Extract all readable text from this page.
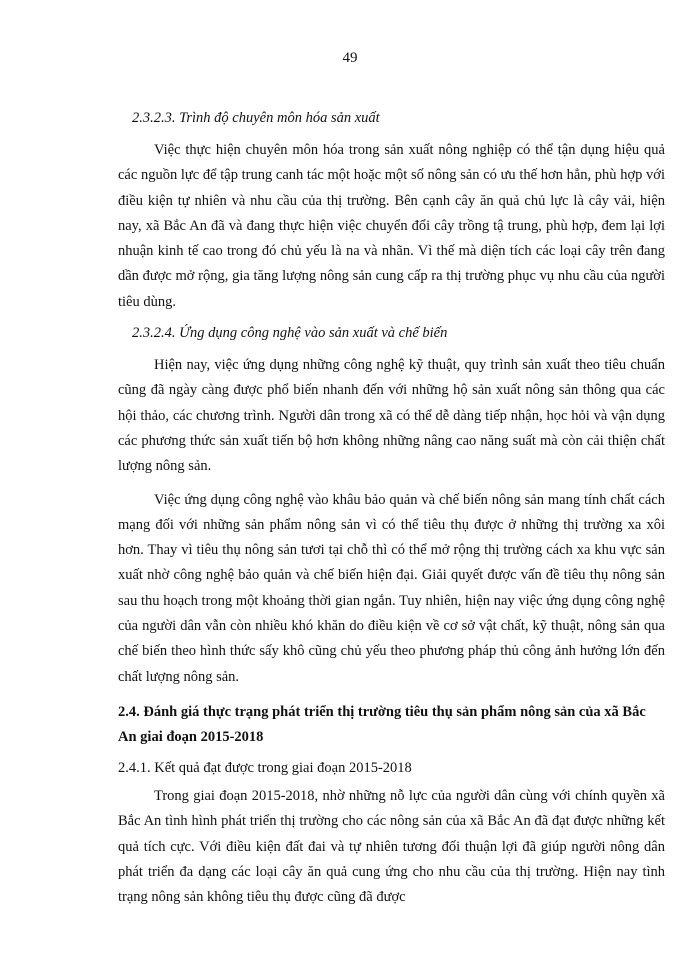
49
2.3.2.3. Trình độ chuyên môn hóa sản xuất

Việc thực hiện chuyên môn hóa trong sản xuất nông nghiệp có thể tận dụng hiệu quả các nguồn lực để tập trung canh tác một hoặc một số nông sản có ưu thế hơn hẳn, phù hợp với điều kiện tự nhiên và nhu cầu của thị trường. Bên cạnh cây ăn quả chủ lực là cây vải, hiện nay, xã Bắc An đã và đang thực hiện việc chuyển đổi cây trồng tậ trung, phù hợp, đem lại lợi nhuận kinh tế cao trong đó chủ yếu là na và nhãn. Vì thế mà diện tích các loại cây trên đang dần được mở rộng, gia tăng lượng nông sản cung cấp ra thị trường phục vụ nhu cầu của người tiêu dùng.

2.3.2.4. Ứng dụng công nghệ vào sản xuất và chế biến

Hiện nay, việc ứng dụng những công nghệ kỹ thuật, quy trình sản xuất theo tiêu chuẩn cũng đã ngày càng được phổ biến nhanh đến với những hộ sản xuất nông sản thông qua các hội thảo, các chương trình. Người dân trong xã có thể dễ dàng tiếp nhận, học hỏi và vận dụng các phương thức sản xuất tiến bộ hơn không những nâng cao năng suất mà còn cải thiện chất lượng nông sản.

Việc ứng dụng công nghệ vào khâu bảo quản và chế biến nông sản mang tính chất cách mạng đối với những sản phẩm nông sản vì có thể tiêu thụ được ở những thị trường xa xôi hơn. Thay vì tiêu thụ nông sản tươi tại chỗ thì có thể mở rộng thị trường cách xa khu vực sản xuất nhờ công nghệ bảo quản và chế biến hiện đại. Giải quyết được vấn đề tiêu thụ nông sản sau thu hoạch trong một khoảng thời gian ngắn. Tuy nhiên, hiện nay việc ứng dụng công nghệ của người dân vẫn còn nhiều khó khăn do điều kiện về cơ sở vật chất, kỹ thuật, nông sản qua chế biến theo hình thức sấy khô cũng chủ yếu theo phương pháp thủ công ảnh hưởng lớn đến chất lượng nông sản.

2.4. Đánh giá thực trạng phát triển thị trường tiêu thụ sản phẩm nông sản của xã Bắc An giai đoạn 2015-2018
2.4.1. Kết quả đạt được trong giai đoạn 2015-2018

Trong giai đoạn 2015-2018, nhờ những nỗ lực của người dân cùng với chính quyền xã Bắc An tình hình phát triển thị trường cho các nông sản của xã Bắc An đã đạt được những kết quả tích cực. Với điều kiện đất đai và tự nhiên tương đối thuận lợi đã giúp người nông dân phát triển đa dạng các loại cây ăn quả cung ứng cho nhu cầu của thị trường. Hiện nay tình trạng nông sản không tiêu thụ được cũng đã được
